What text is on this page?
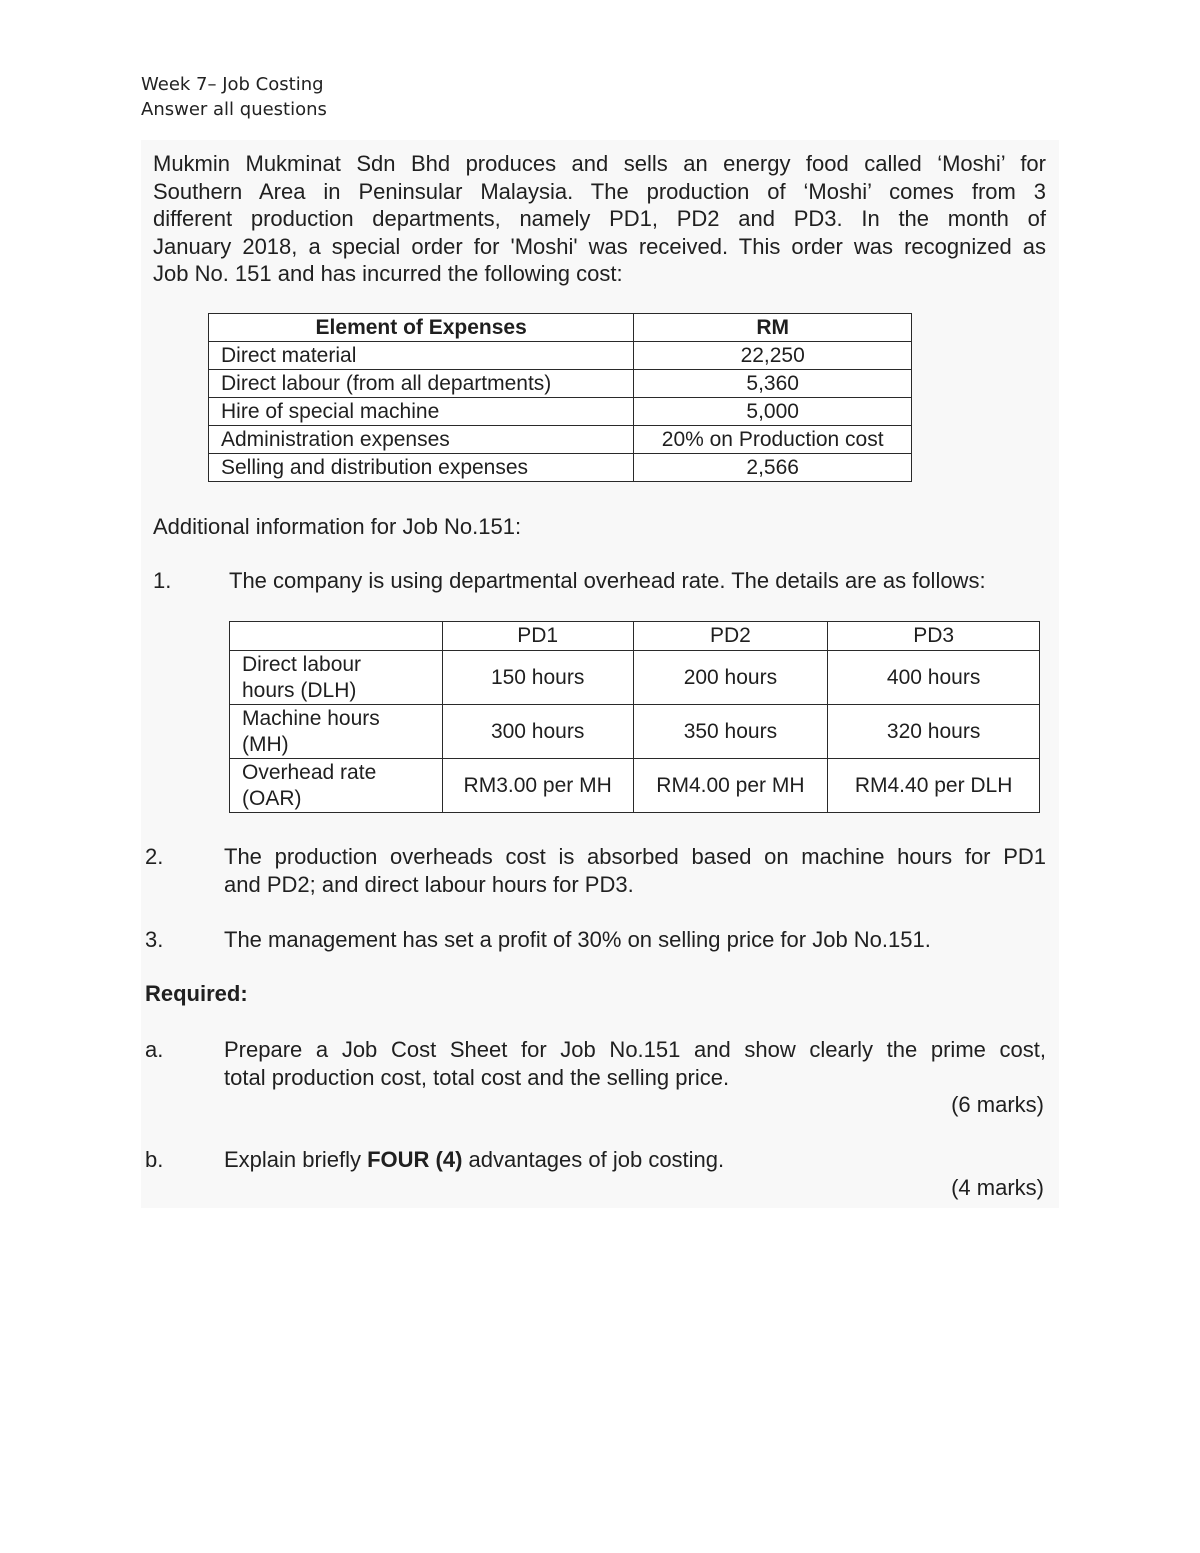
Week 7– Job Costing

Answer all questions

Mukmin Mukminat Sdn Bhd produces and sells an energy food called ‘Moshi’ for
Southern Area in Peninsular Malaysia. The production of ‘Moshi’ comes from 3
different production departments, namely PD1, PD2 and PD3. In the month of
January 2018, a special order for 'Moshi' was received. This order was recognized as
Job No. 151 and has incurred the following cost:
Element of Expenses	RM
Direct material	22,250
Direct labour (from all departments)	5,360
Hire of special machine	5,000
Administration expenses	20% on Production cost
Selling and distribution expenses	2,566

Additional information for Job No.151:

1.	The company is using departmental overhead rate. The details are as follows:
	PD1	PD2	PD3

Direct labour
hours (DLH)	150 hours	200 hours	400 hours

Machine hours
(MH)	300 hours	350 hours	320 hours

Overhead rate
(OAR)	RM3.00 per MH	RM4.00 per MH	RM4.40 per DLH
2.	The production overheads cost is absorbed based on machine hours for PD1
and PD2; and direct labour hours for PD3.
3.	The management has set a profit of 30% on selling price for Job No.151.

Required:

a.	Prepare a Job Cost Sheet for Job No.151 and show clearly the prime cost,
total production cost, total cost and the selling price.

(6 marks)

b.	Explain briefly FOUR (4) advantages of job costing.

(4 marks)
